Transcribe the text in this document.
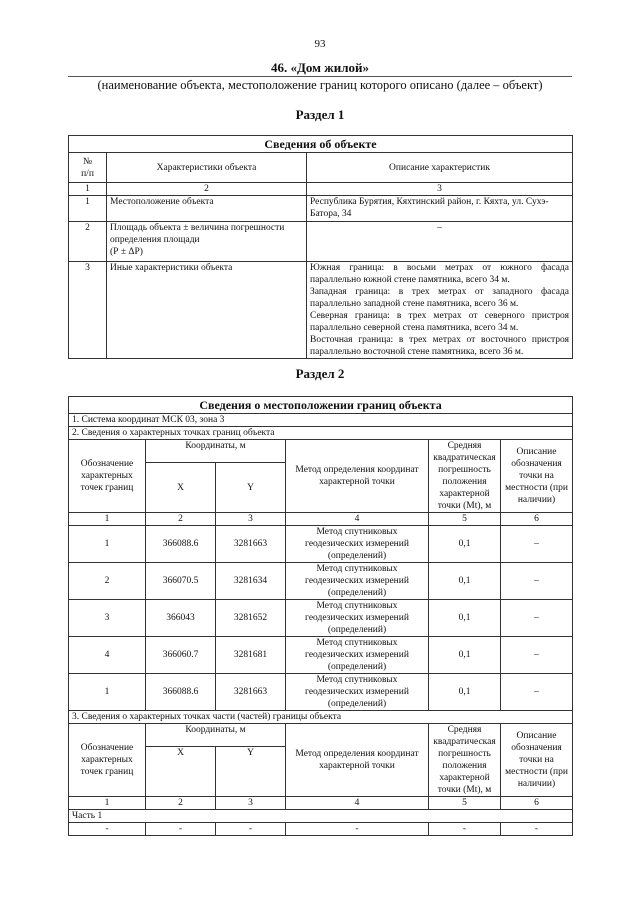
93
46. «Дом жилой»
(наименование объекта, местоположение границ которого описано (далее – объект)
Раздел 1
Сведения об объекте		
№
п/п	Характеристики объекта	Описание характеристик
1	2	3
1	Местоположение объекта	Республика Бурятия, Кяхтинский район, г. Кяхта, ул. Сухэ-Батора, 34
2	Площадь объекта ± величина погрешности определения площади
(Р ± ΔР)	–
3	Иные характеристики объекта	Южная граница: в восьми метрах от южного фасада параллельно южной стене памятника, всего 34 м.
Западная граница: в трех метрах от западного фасада параллельно западной стене памятника, всего 36 м.
Северная граница: в трех метрах от северного пристроя параллельно северной стена памятника, всего 34 м.
Восточная граница: в трех метрах от восточного пристроя параллельно восточной стене памятника, всего 36 м.
Раздел 2
Сведения о местоположении границ объекта					
1. Система координат МСК 03, зона 3					
2. Сведения о характерных точках границ объекта					
Обозначение характерных точек границ	Координаты, м		Метод определения координат характерной точки	Средняя квадратическая погрешность положения характерной точки (Mt), м	Описание обозначения точки на местности (при наличии)
	X	Y			
1	2	3	4	5	6
1	366088.6	3281663	Метод спутниковых геодезических измерений (определений)	0,1	–
2	366070.5	3281634	Метод спутниковых геодезических измерений (определений)	0,1	–
3	366043	3281652	Метод спутниковых геодезических измерений (определений)	0,1	–
4	366060.7	3281681	Метод спутниковых геодезических измерений (определений)	0,1	–
1	366088.6	3281663	Метод спутниковых геодезических измерений (определений)	0,1	–
3. Сведения о характерных точках части (частей) границы объекта					
Обозначение характерных точек границ	Координаты, м		Метод определения координат характерной точки	Средняя квадратическая погрешность положения характерной точки (Mt), м	Описание обозначения точки на местности (при наличии)
	X	Y			
1	2	3	4	5	6
Часть 1					
-	-	-	-	-	-
